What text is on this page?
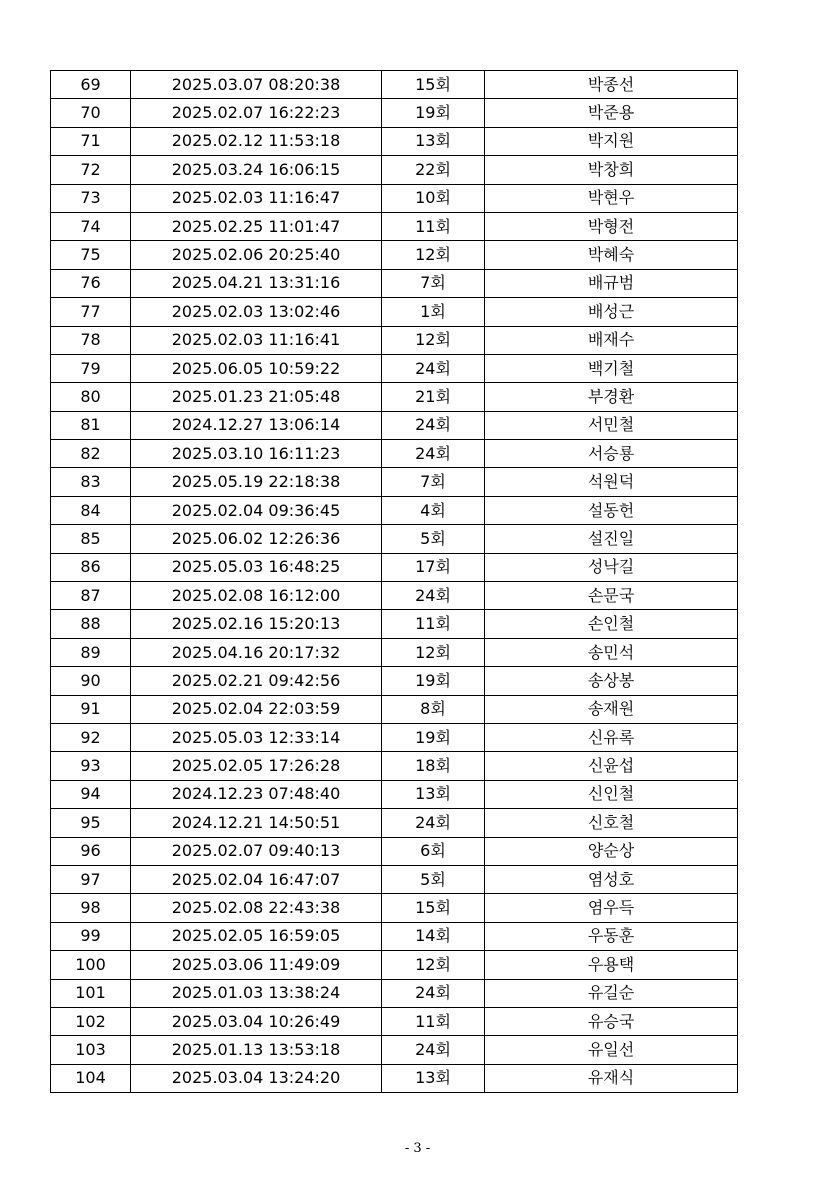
69	2025.03.07 08:20:38	15회	박종선
70	2025.02.07 16:22:23	19회	박준용
71	2025.02.12 11:53:18	13회	박지원
72	2025.03.24 16:06:15	22회	박창희
73	2025.02.03 11:16:47	10회	박현우
74	2025.02.25 11:01:47	11회	박형전
75	2025.02.06 20:25:40	12회	박혜숙
76	2025.04.21 13:31:16	7회	배규범
77	2025.02.03 13:02:46	1회	배성근
78	2025.02.03 11:16:41	12회	배재수
79	2025.06.05 10:59:22	24회	백기철
80	2025.01.23 21:05:48	21회	부경환
81	2024.12.27 13:06:14	24회	서민철
82	2025.03.10 16:11:23	24회	서승룡
83	2025.05.19 22:18:38	7회	석원덕
84	2025.02.04 09:36:45	4회	설동헌
85	2025.06.02 12:26:36	5회	설진일
86	2025.05.03 16:48:25	17회	성낙길
87	2025.02.08 16:12:00	24회	손문국
88	2025.02.16 15:20:13	11회	손인철
89	2025.04.16 20:17:32	12회	송민석
90	2025.02.21 09:42:56	19회	송상봉
91	2025.02.04 22:03:59	8회	송재원
92	2025.05.03 12:33:14	19회	신유록
93	2025.02.05 17:26:28	18회	신윤섭
94	2024.12.23 07:48:40	13회	신인철
95	2024.12.21 14:50:51	24회	신호철
96	2025.02.07 09:40:13	6회	양순상
97	2025.02.04 16:47:07	5회	염성호
98	2025.02.08 22:43:38	15회	염우득
99	2025.02.05 16:59:05	14회	우동훈
100	2025.03.06 11:49:09	12회	우용택
101	2025.01.03 13:38:24	24회	유길순
102	2025.03.04 10:26:49	11회	유승국
103	2025.01.13 13:53:18	24회	유일선
104	2025.03.04 13:24:20	13회	유재식
- 3 -
